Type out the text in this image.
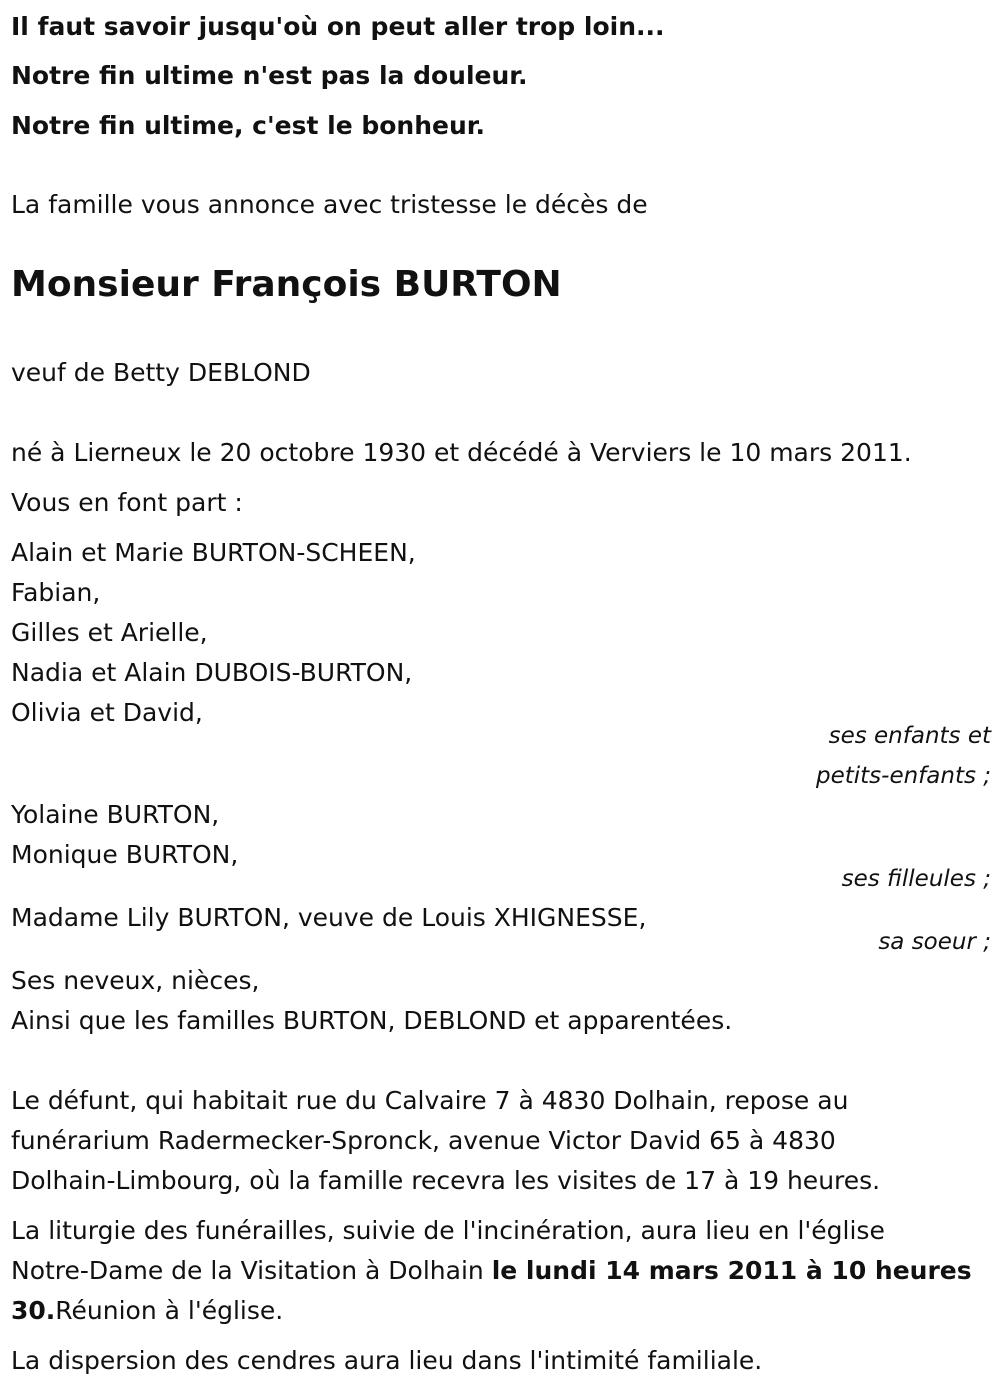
Il faut savoir jusqu'où on peut aller trop loin...
Notre fin ultime n'est pas la douleur.
Notre fin ultime, c'est le bonheur.
La famille vous annonce avec tristesse le décès de
Monsieur François BURTON
veuf de Betty DEBLOND
né à Lierneux le 20 octobre 1930 et décédé à Verviers le 10 mars 2011.
Vous en font part :
Alain et Marie BURTON-SCHEEN,
Fabian,
Gilles et Arielle,
Nadia et Alain DUBOIS-BURTON,
Olivia et David,
ses enfants et
petits-enfants ;
Yolaine BURTON,
Monique BURTON,
ses filleules ;
Madame Lily BURTON, veuve de Louis XHIGNESSE,
sa soeur ;
Ses neveux, nièces,
Ainsi que les familles BURTON, DEBLOND et apparentées.
Le défunt, qui habitait rue du Calvaire 7 à 4830 Dolhain, repose au
funérarium Radermecker-Spronck, avenue Victor David 65 à 4830
Dolhain-Limbourg, où la famille recevra les visites de 17 à 19 heures.
La liturgie des funérailles, suivie de l'incinération, aura lieu en l'église
Notre-Dame de la Visitation à Dolhain le lundi 14 mars 2011 à 10 heures
30.Réunion à l'église.
La dispersion des cendres aura lieu dans l'intimité familiale.
